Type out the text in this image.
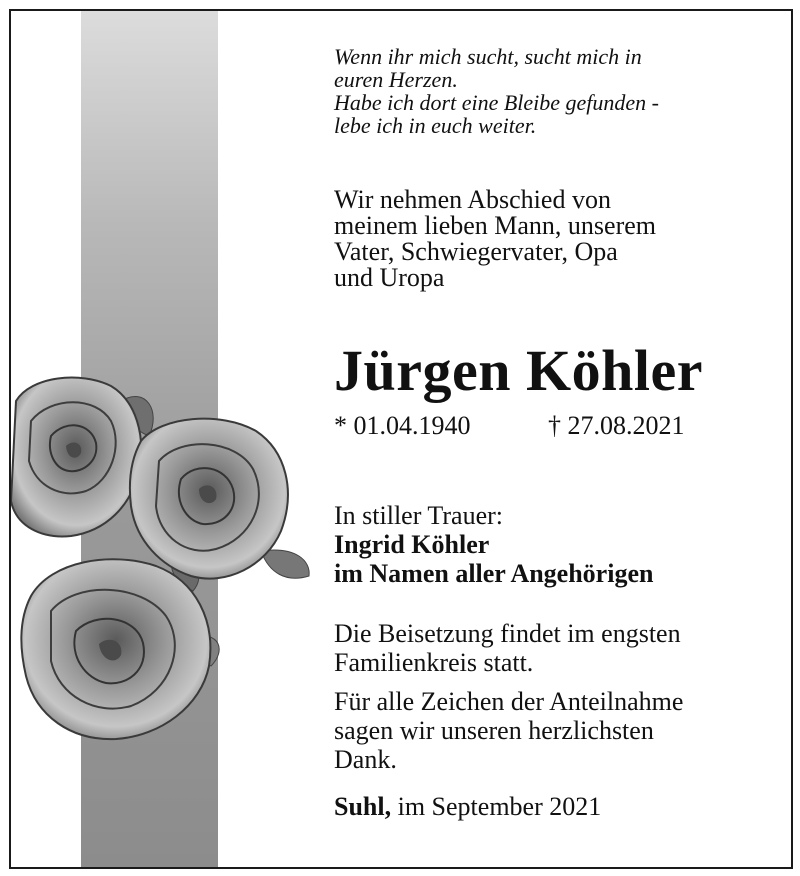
Wenn ihr mich sucht, sucht mich in
euren Herzen.
Habe ich dort eine Bleibe gefunden -
lebe ich in euch weiter.
Wir nehmen Abschied von
meinem lieben Mann, unserem
Vater, Schwiegervater, Opa
und Uropa
Jürgen Köhler
* 01.04.1940	† 27.08.2021
In stiller Trauer:
Ingrid Köhler
im Namen aller Angehörigen
Die Beisetzung findet im engsten
Familienkreis statt.
Für alle Zeichen der Anteilnahme
sagen wir unseren herzlichsten
Dank.
Suhl, im September 2021
